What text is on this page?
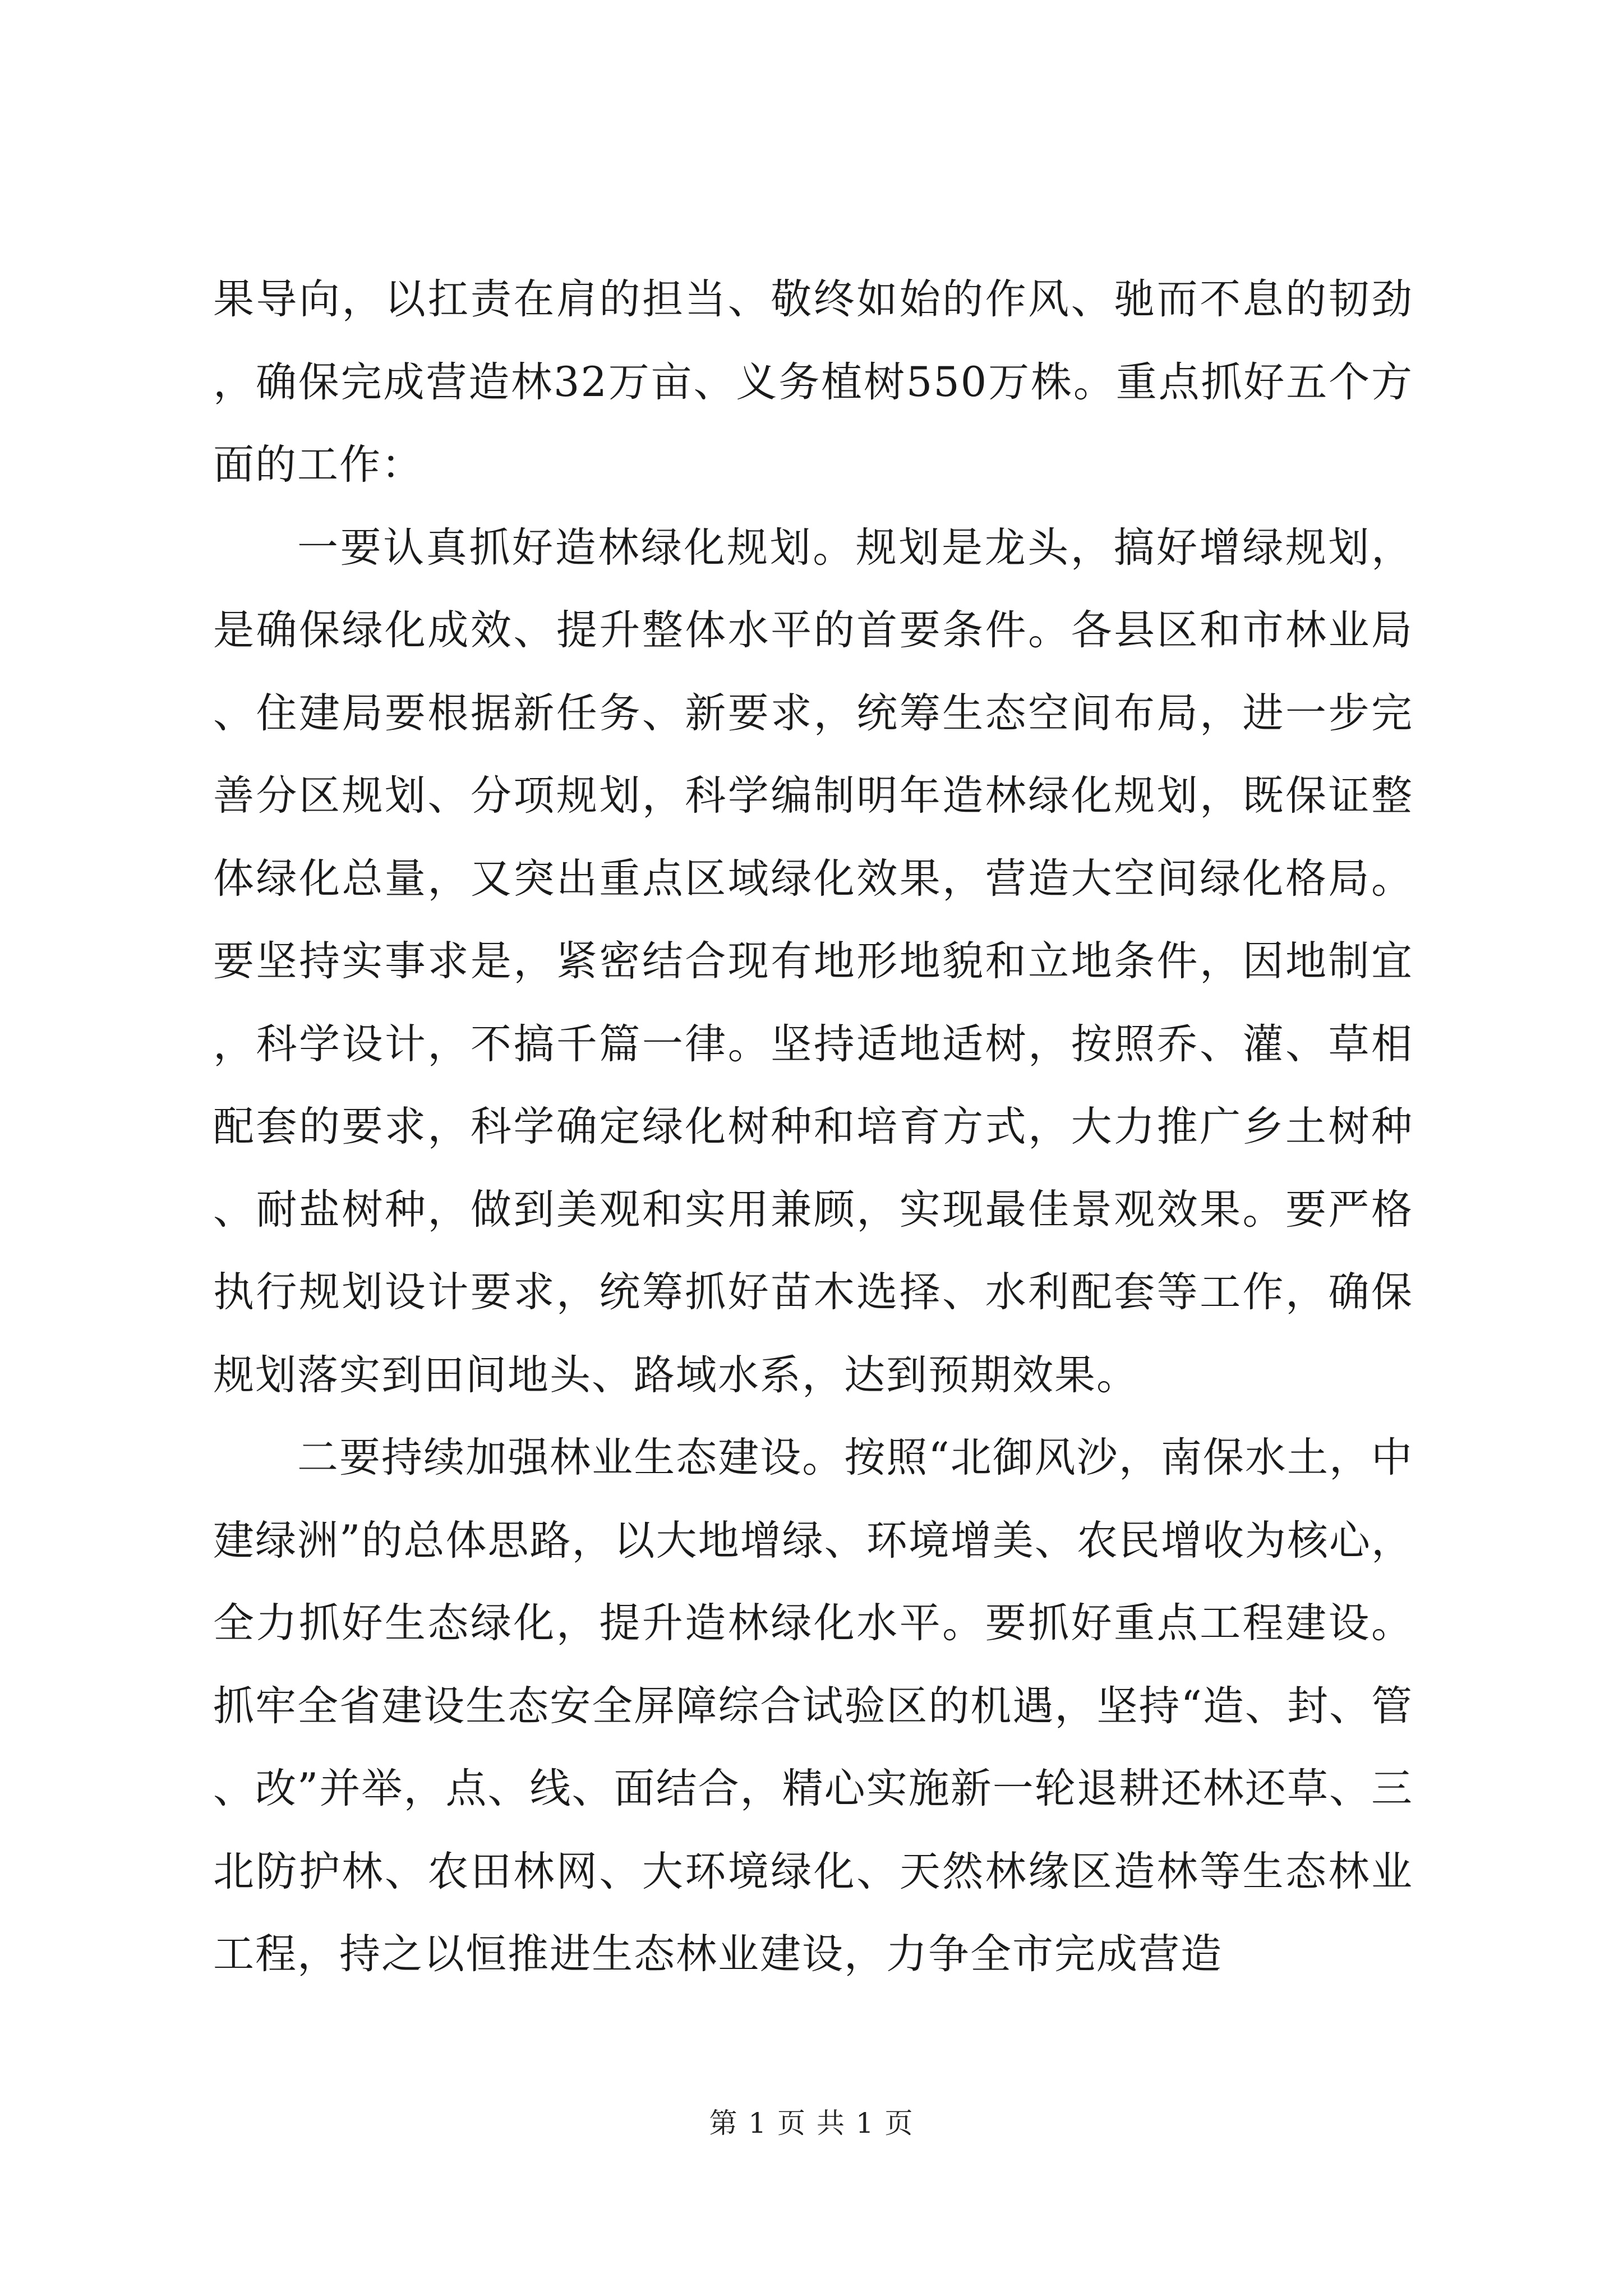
果导向，以扛责在肩的担当、敬终如始的作风、驰而不息的韧劲，确保完成营造林32万亩、义务植树550万株。重点抓好五个方面的工作：

一要认真抓好造林绿化规划。规划是龙头，搞好增绿规划，是确保绿化成效、提升整体水平的首要条件。各县区和市林业局、住建局要根据新任务、新要求，统筹生态空间布局，进一步完善分区规划、分项规划，科学编制明年造林绿化规划，既保证整体绿化总量，又突出重点区域绿化效果，营造大空间绿化格局。要坚持实事求是，紧密结合现有地形地貌和立地条件，因地制宜，科学设计，不搞千篇一律。坚持适地适树，按照乔、灌、草相配套的要求，科学确定绿化树种和培育方式，大力推广乡土树种、耐盐树种，做到美观和实用兼顾，实现最佳景观效果。要严格执行规划设计要求，统筹抓好苗木选择、水利配套等工作，确保规划落实到田间地头、路域水系，达到预期效果。

二要持续加强林业生态建设。按照“北御风沙，南保水土，中建绿洲”的总体思路，以大地增绿、环境增美、农民增收为核心，全力抓好生态绿化，提升造林绿化水平。要抓好重点工程建设。抓牢全省建设生态安全屏障综合试验区的机遇，坚持“造、封、管、改”并举，点、线、面结合，精心实施新一轮退耕还林还草、三北防护林、农田林网、大环境绿化、天然林缘区造林等生态林业工程，持之以恒推进生态林业建设，力争全市完成营造

第 1 页 共 1 页
